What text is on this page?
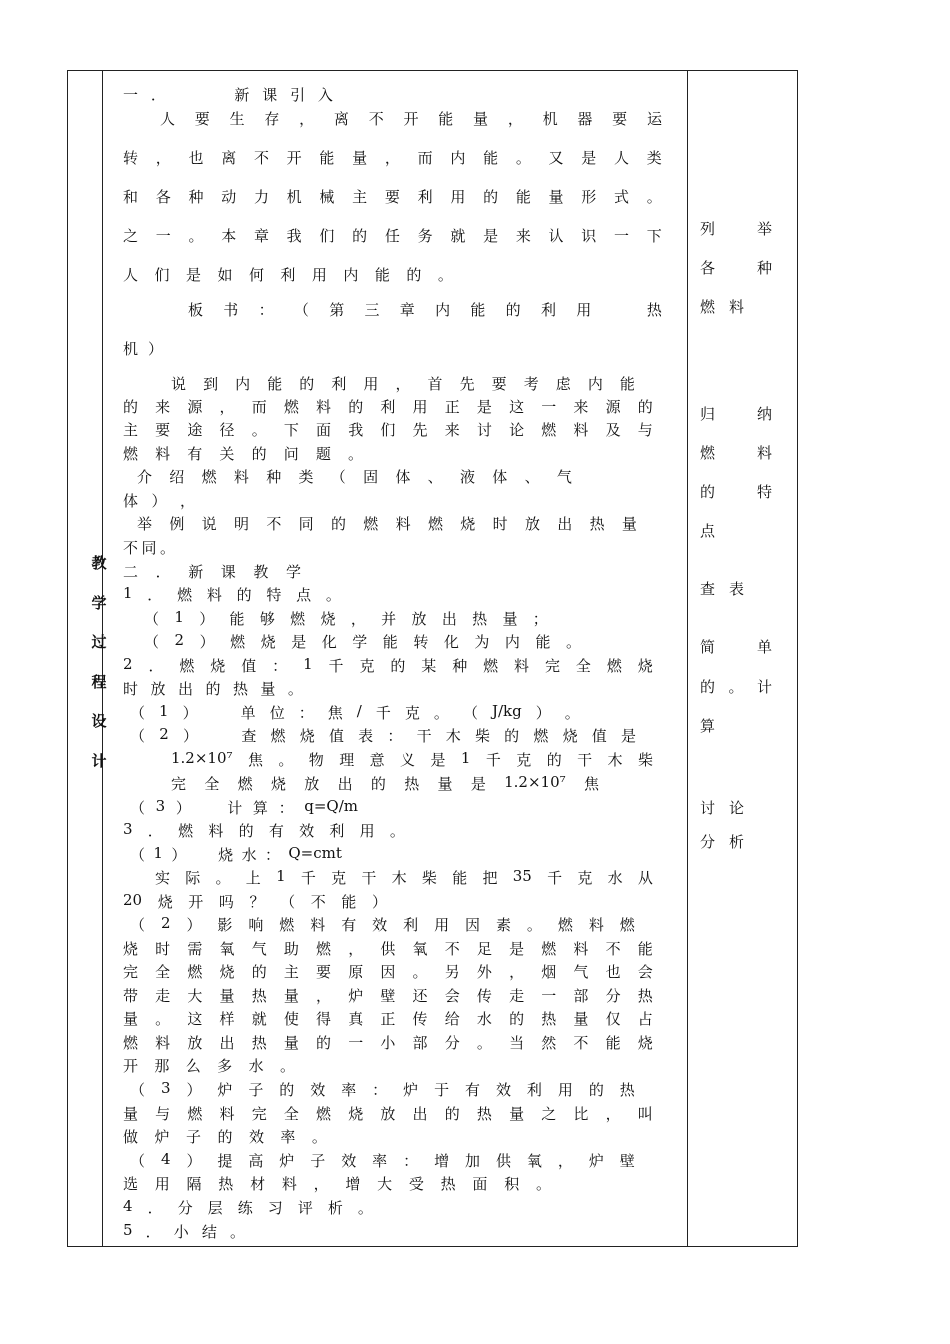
教
学
过
程
设
计
一 ．

　	新 课 引 入
人 要 生 存 ， 离 不 开 能 量 ， 机 器 要 运
转 ， 也 离 不 开 能 量 ， 而 内 能 。 又 是 人 类
和 各 种 动 力 机 械 主 要 利 用 的 能 量 形 式 。
之 一 。 本 章 我 们 的 任 务 就 是 来 认 识 一 下
人 们 是 如 何 利 用 内 能 的 。
板 书 ： （ 第 三 章 内 能 的 利 用
　	热
机 ）
说 到 内 能 的 利 用 ， 首 先 要 考 虑 内 能
的 来 源 ， 而 燃 料 的 利 用 正 是 这 一 来 源 的
主 要 途 径 。 下 面 我 们 先 来 讨 论 燃 料 及 与
燃 料 有 关 的 问 题 。
介 绍 燃 料 种 类 （ 固 体 、 液 体 、 气
体 ） ，
举 例 说 明 不 同 的 燃 料 燃 烧 时 放 出 热 量
不 同 。
二 ． 新 课 教 学
1 ． 燃 料 的 特 点 。
（ 1 ） 能 够 燃 烧 ， 并 放 出 热 量 ；
（ 2 ） 燃 烧 是 化 学 能 转 化 为 内 能 。
2 ． 燃 烧 值 ： 1 千 克 的 某 种 燃 料 完 全 燃 烧
时 放 出 的 热 量 。
（ 1 ）
　	单 位 ： 焦 / 千 克 。 （ J/kg ） 。
（ 2 ）
　	查 燃 烧 值 表 ： 干 木 柴 的 燃 烧 值 是
1.2×10⁷ 焦 。 物 理 意 义 是 1 千 克 的 干 木 柴
完 全 燃 烧 放 出 的 热 量 是 1.2×10⁷ 焦
（ 3 ）
　 计 算 ： q=Q/m
3 ． 燃 料 的 有 效 利 用 。
（ 1 ）
　 烧 水 ： Q=cmt
实 际 。 上 1 千 克 干 木 柴 能 把 35 千 克 水 从
20 烧 开 吗 ？ （ 不 能 ）
（ 2 ） 影 响 燃 料 有 效 利 用 因 素 。 燃 料 燃
烧 时 需 氧 气 助 燃 ， 供 氧 不 足 是 燃 料 不 能
完 全 燃 烧 的 主 要 原 因 。 另 外 ， 烟 气 也 会
带 走 大 量 热 量 ， 炉 壁 还 会 传 走 一 部 分 热
量 。 这 样 就 使 得 真 正 传 给 水 的 热 量 仅 占
燃 料 放 出 热 量 的 一 小 部 分 。 当 然 不 能 烧
开 那 么 多 水 。
（ 3 ） 炉 子 的 效 率 ： 炉 于 有 效 利 用 的 热
量 与 燃 料 完 全 燃 烧 放 出 的 热 量 之 比 ， 叫
做 炉 子 的 效 率 。
（ 4 ） 提 高 炉 子 效 率 ： 增 加 供 氧 ， 炉 壁
选 用 隔 热 材 料 ， 增 大 受 热 面 积 。
4 ． 分 层 练 习 评 析 。
5 ． 小 结 。
列	举
各	种
燃料
归	纳
燃	料
的	特
点
查表
简	单
的 。 计
算
讨论
分析
